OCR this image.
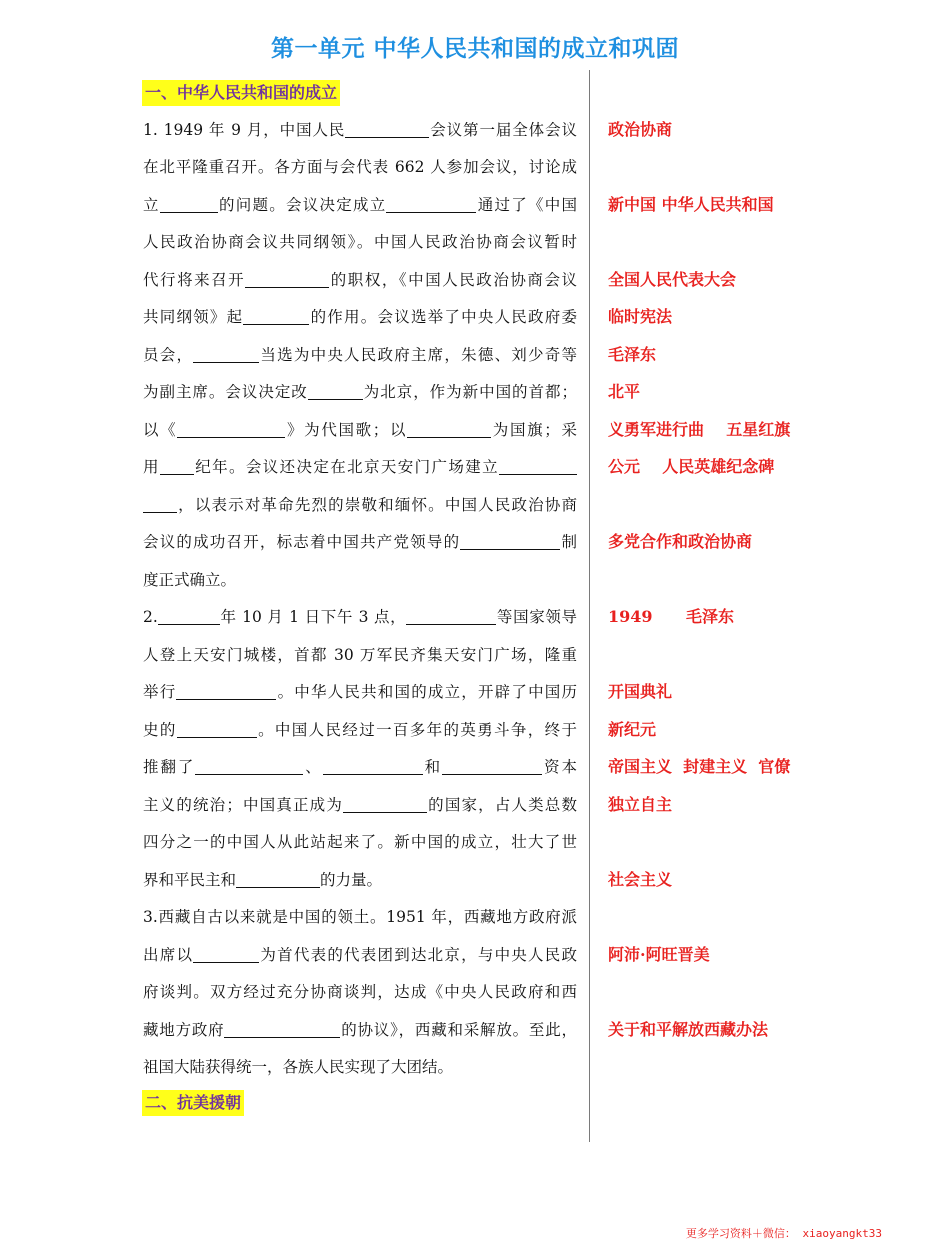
第一单元 中华人民共和国的成立和巩固
一、中华人民共和国的成立
1. 1949 年 9 月，中国人民	会议第一届全体会议
在北平隆重召开。各方面与会代表 662 人参加会议，讨论成
立	的问题。会议决定成立	通过了《中国
人民政治协商会议共同纲领》。中国人民政治协商会议暂时
代行将来召开	的职权，《中国人民政治协商会议
共同纲领》起	的作用。会议选举了中央人民政府委
员会，	当选为中央人民政府主席，朱德、刘少奇等
为副主席。会议决定改	为北京，作为新中国的首都；
以《	》为代国歌；以	为国旗；采
用 纪年。会议还决定在北京天安门广场建立
，以表示对革命先烈的崇敬和缅怀。中国人民政治协商
会议的成功召开，标志着中国共产党领导的	制
度正式确立。
2.	年 10 月 1 日下午 3 点，	等国家领导
人登上天安门城楼，首都 30 万军民齐集天安门广场，隆重
举行	。中华人民共和国的成立，开辟了中国历
史的	。中国人民经过一百多年的英勇斗争，终于
推翻了	、	和	资本
主义的统治；中国真正成为	的国家，占人类总数
四分之一的中国人从此站起来了。新中国的成立，壮大了世
界和平民主和	的力量。
3.西藏自古以来就是中国的领土。1951 年，西藏地方政府派
出席以	为首代表的代表团到达北京，与中央人民政
府谈判。双方经过充分协商谈判，达成《中央人民政府和西
藏地方政府	的协议》，西藏和采解放。至此，
祖国大陆获得统一，各族人民实现了大团结。
二、抗美援朝
政治协商
新中国 中华人民共和国
全国人民代表大会
临时宪法
毛泽东
北平
义勇军进行曲    五星红旗
公元    人民英雄纪念碑
多党合作和政治协商
1949      毛泽东
开国典礼
新纪元
帝国主义  封建主义  官僚
独立自主
社会主义
阿沛·阿旺晋美
关于和平解放西藏办法
更多学习资料＋微信： xiaoyangkt33
